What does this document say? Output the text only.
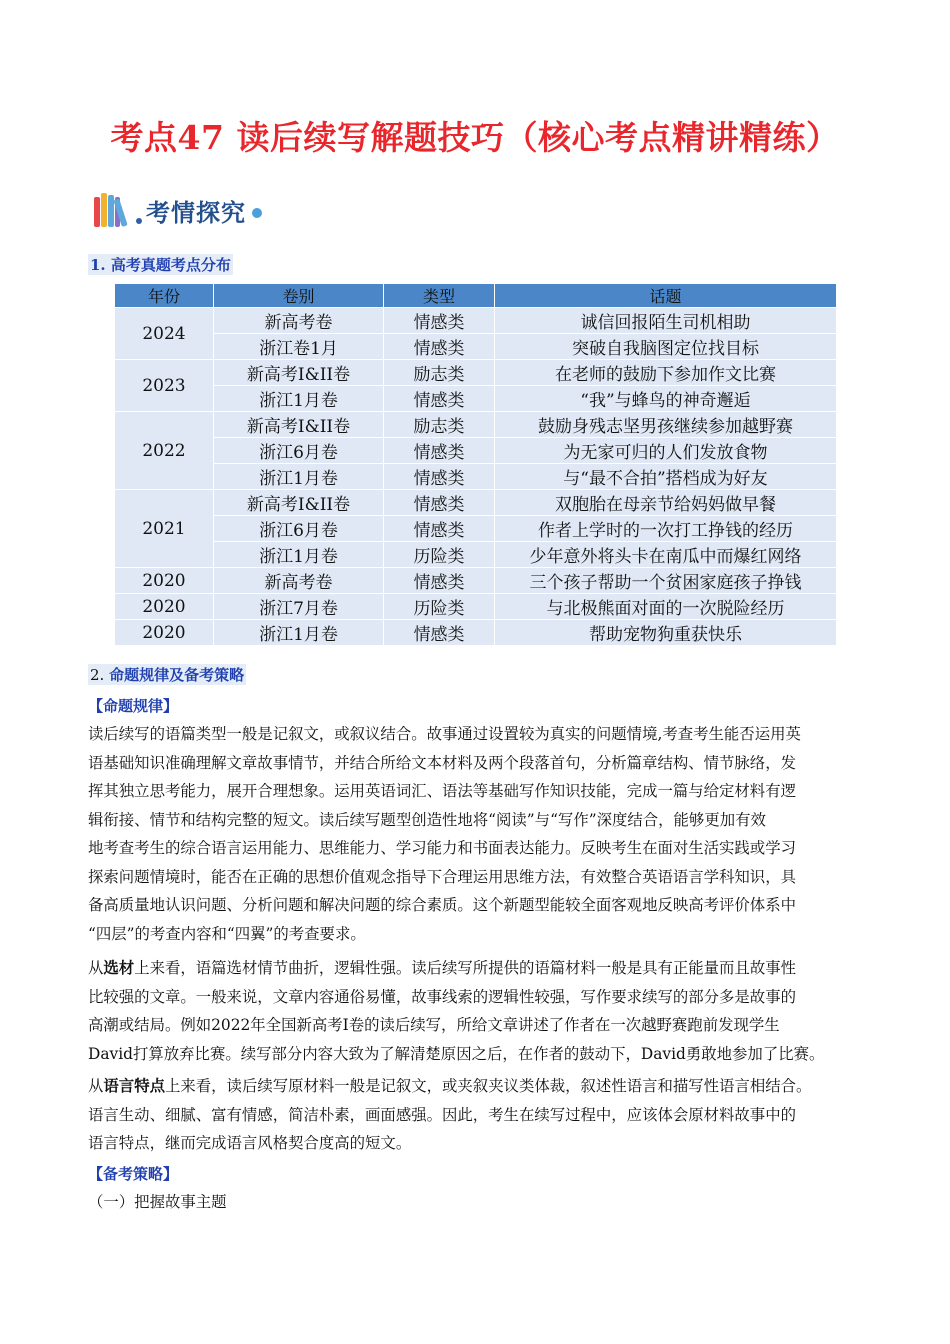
考点47 读后续写解题技巧（核心考点精讲精练）
考情探究
1. 高考真题考点分布
年份	卷别	类型	话题
2024	新高考卷	情感类	诚信回报陌生司机相助
	浙江卷1月	情感类	突破自我脑图定位找目标
2023	新高考I&II卷	励志类	在老师的鼓励下参加作文比赛
	浙江1月卷	情感类	“我”与蜂鸟的神奇邂逅
2022	新高考I&II卷	励志类	鼓励身残志坚男孩继续参加越野赛
	浙江6月卷	情感类	为无家可归的人们发放食物
	浙江1月卷	情感类	与“最不合拍”搭档成为好友
2021	新高考I&II卷	情感类	双胞胎在母亲节给妈妈做早餐
	浙江6月卷	情感类	作者上学时的一次打工挣钱的经历
	浙江1月卷	历险类	少年意外将头卡在南瓜中而爆红网络
2020	新高考卷	情感类	三个孩子帮助一个贫困家庭孩子挣钱
2020	浙江7月卷	历险类	与北极熊面对面的一次脱险经历
2020	浙江1月卷	情感类	帮助宠物狗重获快乐
2. 命题规律及备考策略
【命题规律】

读后续写的语篇类型一般是记叙文，或叙议结合。故事通过设置较为真实的问题情境,考查考生能否运用英

语基础知识准确理解文章故事情节，并结合所给文本材料及两个段落首句，分析篇章结构、情节脉络，发

挥其独立思考能力，展开合理想象。运用英语词汇、语法等基础写作知识技能，完成一篇与给定材料有逻

辑衔接、情节和结构完整的短文。读后续写题型创造性地将“阅读”与“写作”深度结合，能够更加有效

地考查考生的综合语言运用能力、思维能力、学习能力和书面表达能力。反映考生在面对生活实践或学习

探索问题情境时，能否在正确的思想价值观念指导下合理运用思维方法，有效整合英语语言学科知识，具

备高质量地认识问题、分析问题和解决问题的综合素质。这个新题型能较全面客观地反映高考评价体系中

“四层”的考查内容和“四翼”的考查要求。

从选材上来看，语篇选材情节曲折，逻辑性强。读后续写所提供的语篇材料一般是具有正能量而且故事性

比较强的文章。一般来说，文章内容通俗易懂，故事线索的逻辑性较强，写作要求续写的部分多是故事的

高潮或结局。例如2022年全国新高考I卷的读后续写，所给文章讲述了作者在一次越野赛跑前发现学生

David打算放弃比赛。续写部分内容大致为了解清楚原因之后，在作者的鼓动下，David勇敢地参加了比赛。

从语言特点上来看，读后续写原材料一般是记叙文，或夹叙夹议类体裁，叙述性语言和描写性语言相结合。

语言生动、细腻、富有情感，简洁朴素，画面感强。因此，考生在续写过程中，应该体会原材料故事中的

语言特点，继而完成语言风格契合度高的短文。

【备考策略】
（一）把握故事主题
